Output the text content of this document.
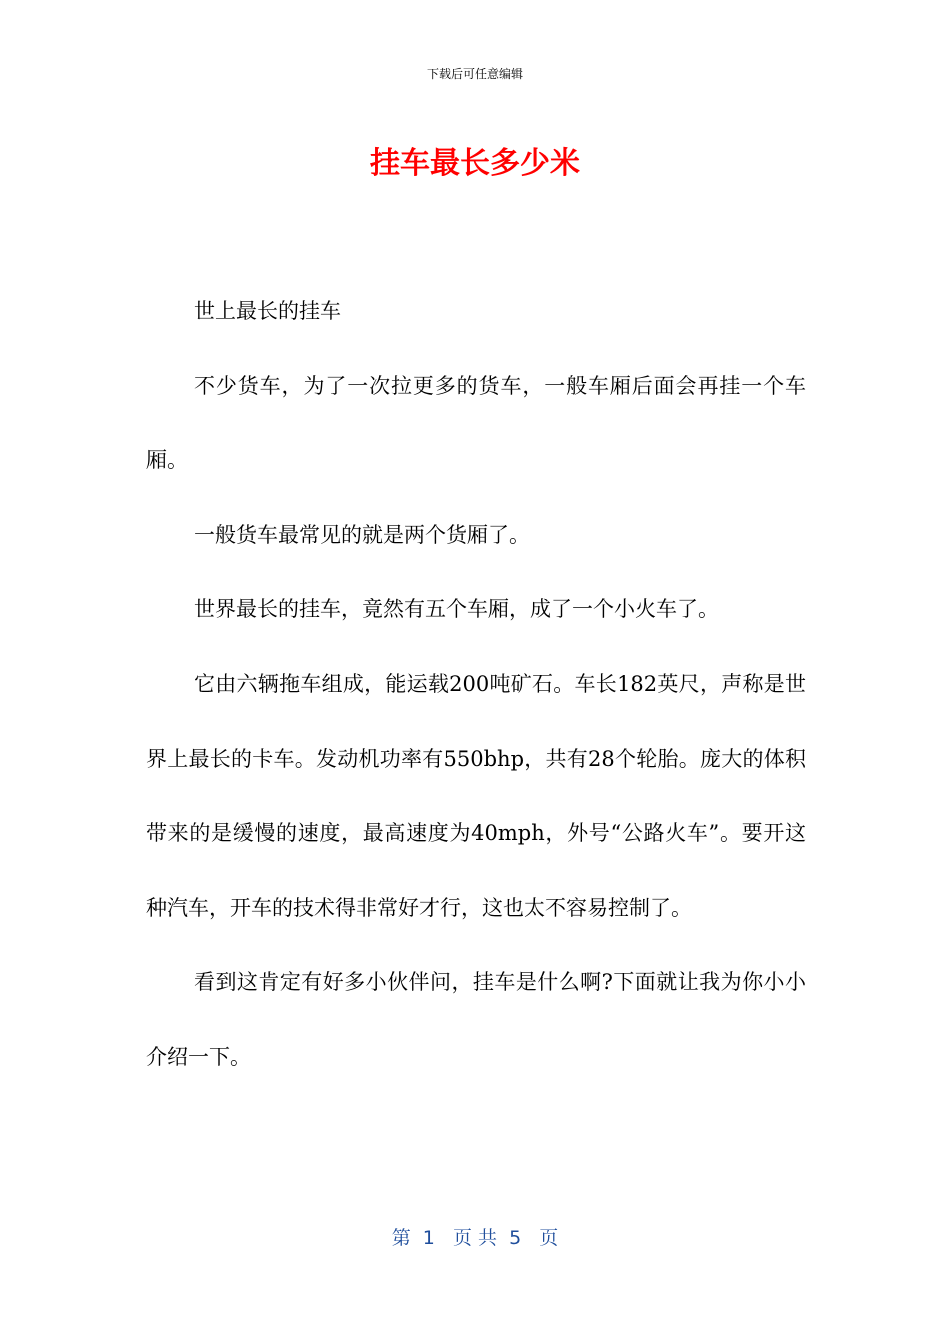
下载后可任意编辑
挂车最长多少米

世上最长的挂车

不少货车，为了一次拉更多的货车，一般车厢后面会再挂一个车厢。

一般货车最常见的就是两个货厢了。

世界最长的挂车，竟然有五个车厢，成了一个小火车了。

它由六辆拖车组成，能运载200吨矿石。车长182英尺，声称是世界上最长的卡车。发动机功率有550bhp，共有28个轮胎。庞大的体积带来的是缓慢的速度，最高速度为40mph，外号“公路火车”。要开这种汽车，开车的技术得非常好才行，这也太不容易控制了。

看到这肯定有好多小伙伴问，挂车是什么啊?下面就让我为你小小介绍一下。

第  1   页 共  5   页
